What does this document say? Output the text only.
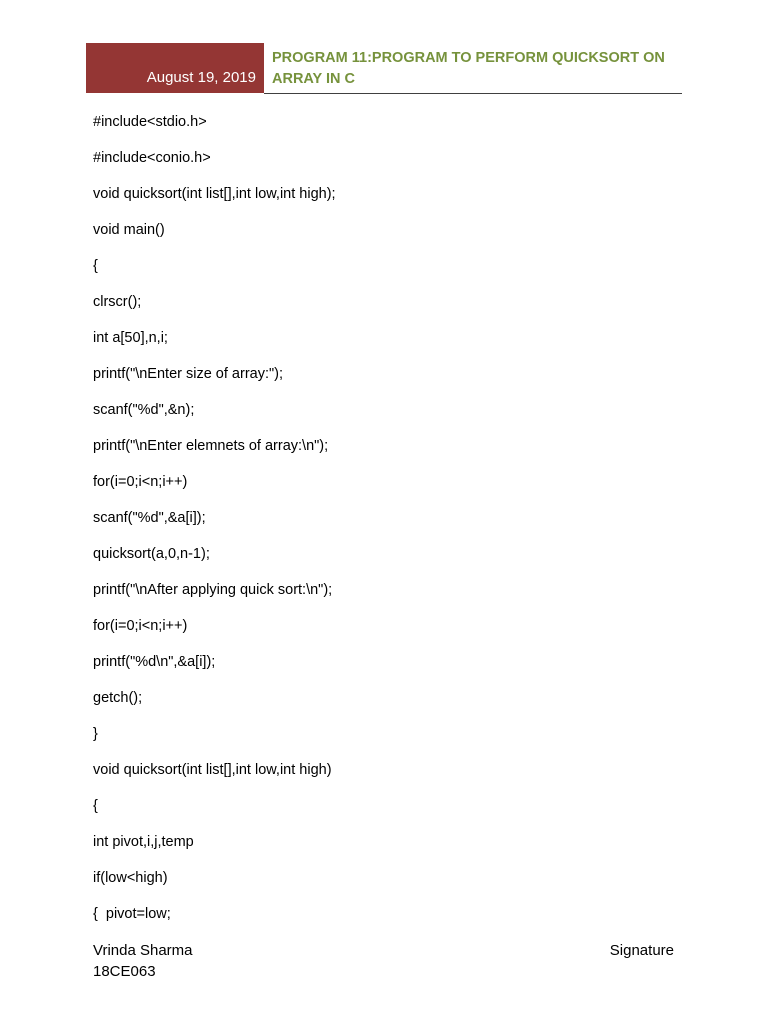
August 19, 2019
PROGRAM 11:PROGRAM TO PERFORM QUICKSORT ON ARRAY IN C
#include<stdio.h>
#include<conio.h>
void quicksort(int list[],int low,int high);
void main()
{
clrscr();
int a[50],n,i;
printf("\nEnter size of array:");
scanf("%d",&n);
printf("\nEnter elemnets of array:\n");
for(i=0;i<n;i++)
scanf("%d",&a[i]);
quicksort(a,0,n-1);
printf("\nAfter applying quick sort:\n");
for(i=0;i<n;i++)
printf("%d\n",&a[i]);
getch();
}
void quicksort(int list[],int low,int high)
{
int pivot,i,j,temp
if(low<high)
{  pivot=low;
Vrinda Sharma
18CE063
Signature
